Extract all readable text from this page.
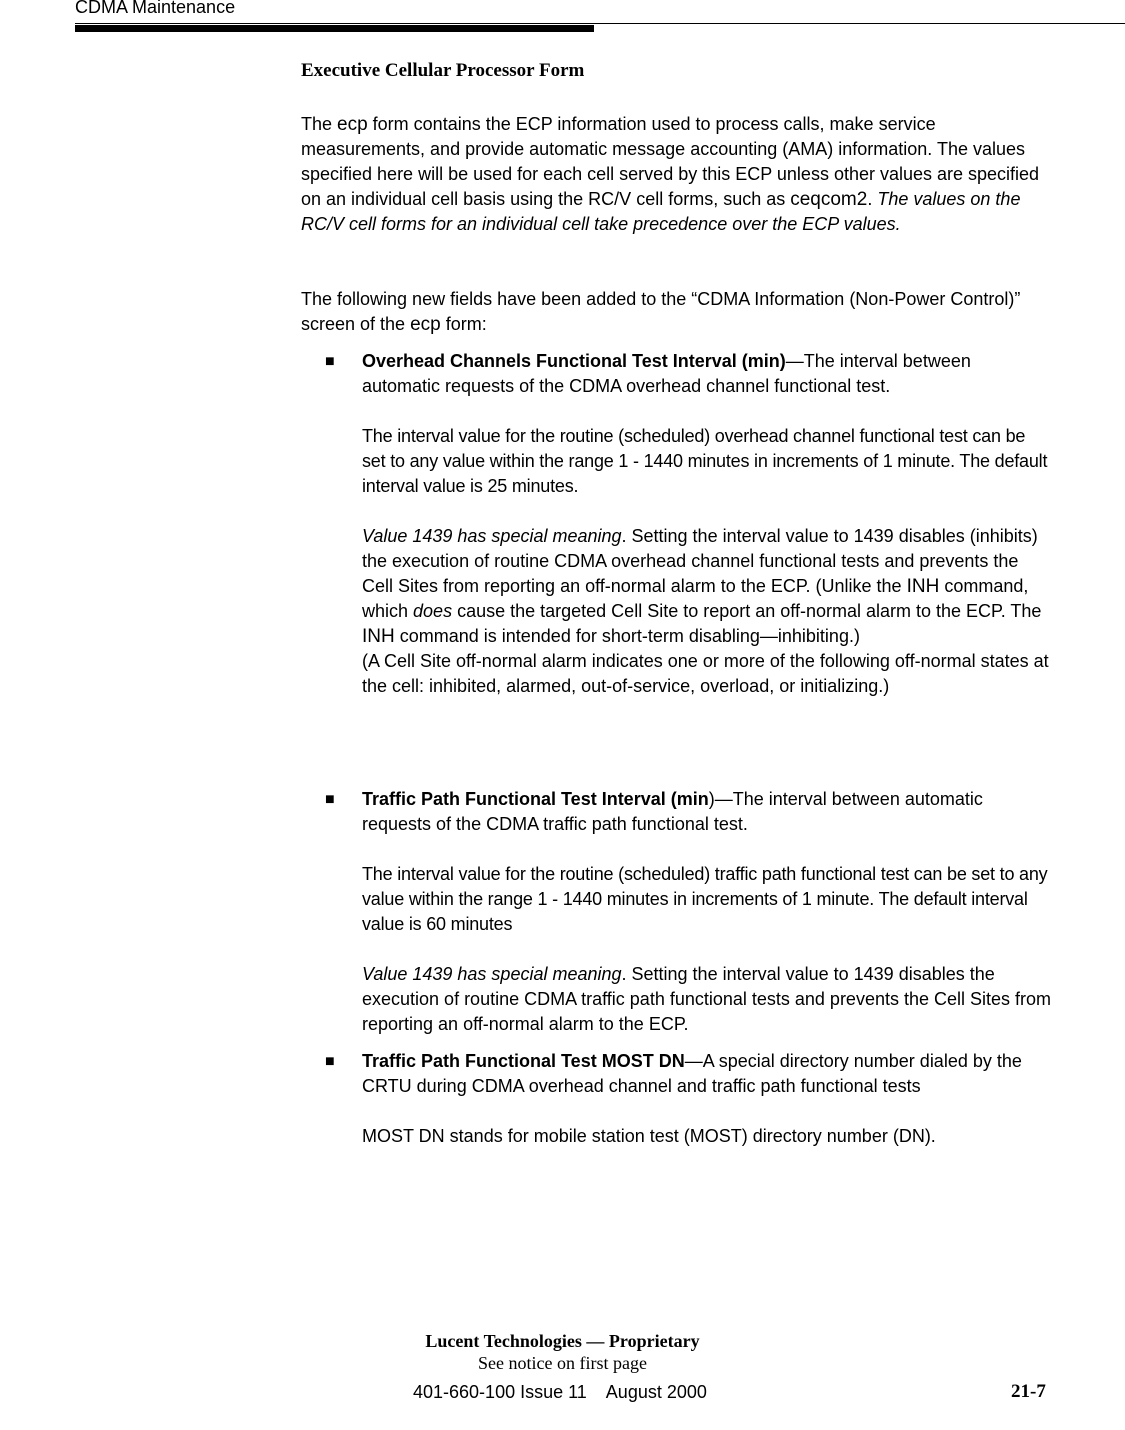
CDMA Maintenance
Executive Cellular Processor Form

The ecp form contains the ECP information used to process calls, make service measurements, and provide automatic message accounting (AMA) information. The values specified here will be used for each cell served by this ECP unless other values are specified on an individual cell basis using the RC/V cell forms, such as ceqcom2. The values on the RC/V cell forms for an individual cell take precedence over the ECP values.

The following new fields have been added to the “CDMA Information (Non-Power Control)” screen of the ecp form:

■ Overhead Channels Functional Test Interval (min)—The interval between automatic requests of the CDMA overhead channel functional test.

The interval value for the routine (scheduled) overhead channel functional test can be set to any value within the range 1 - 1440 minutes in increments of 1 minute. The default interval value is 25 minutes.

Value 1439 has special meaning. Setting the interval value to 1439 disables (inhibits) the execution of routine CDMA overhead channel functional tests and prevents the Cell Sites from reporting an off-normal alarm to the ECP. (Unlike the INH command, which does cause the targeted Cell Site to report an off-normal alarm to the ECP. The INH command is intended for short-term disabling—inhibiting.)

(A Cell Site off-normal alarm indicates one or more of the following off-normal states at the cell: inhibited, alarmed, out-of-service, overload, or initializing.)

■ Traffic Path Functional Test Interval (min)—The interval between automatic requests of the CDMA traffic path functional test.

The interval value for the routine (scheduled) traffic path functional test can be set to any value within the range 1 - 1440 minutes in increments of 1 minute. The default interval value is 60 minutes

Value 1439 has special meaning. Setting the interval value to 1439 disables the execution of routine CDMA traffic path functional tests and prevents the Cell Sites from reporting an off-normal alarm to the ECP.

■ Traffic Path Functional Test MOST DN—A special directory number dialed by the CRTU during CDMA overhead channel and traffic path functional tests

MOST DN stands for mobile station test (MOST) directory number (DN).

Lucent Technologies — Proprietary
See notice on first page
401-660-100 Issue 11    August 2000	21-7
